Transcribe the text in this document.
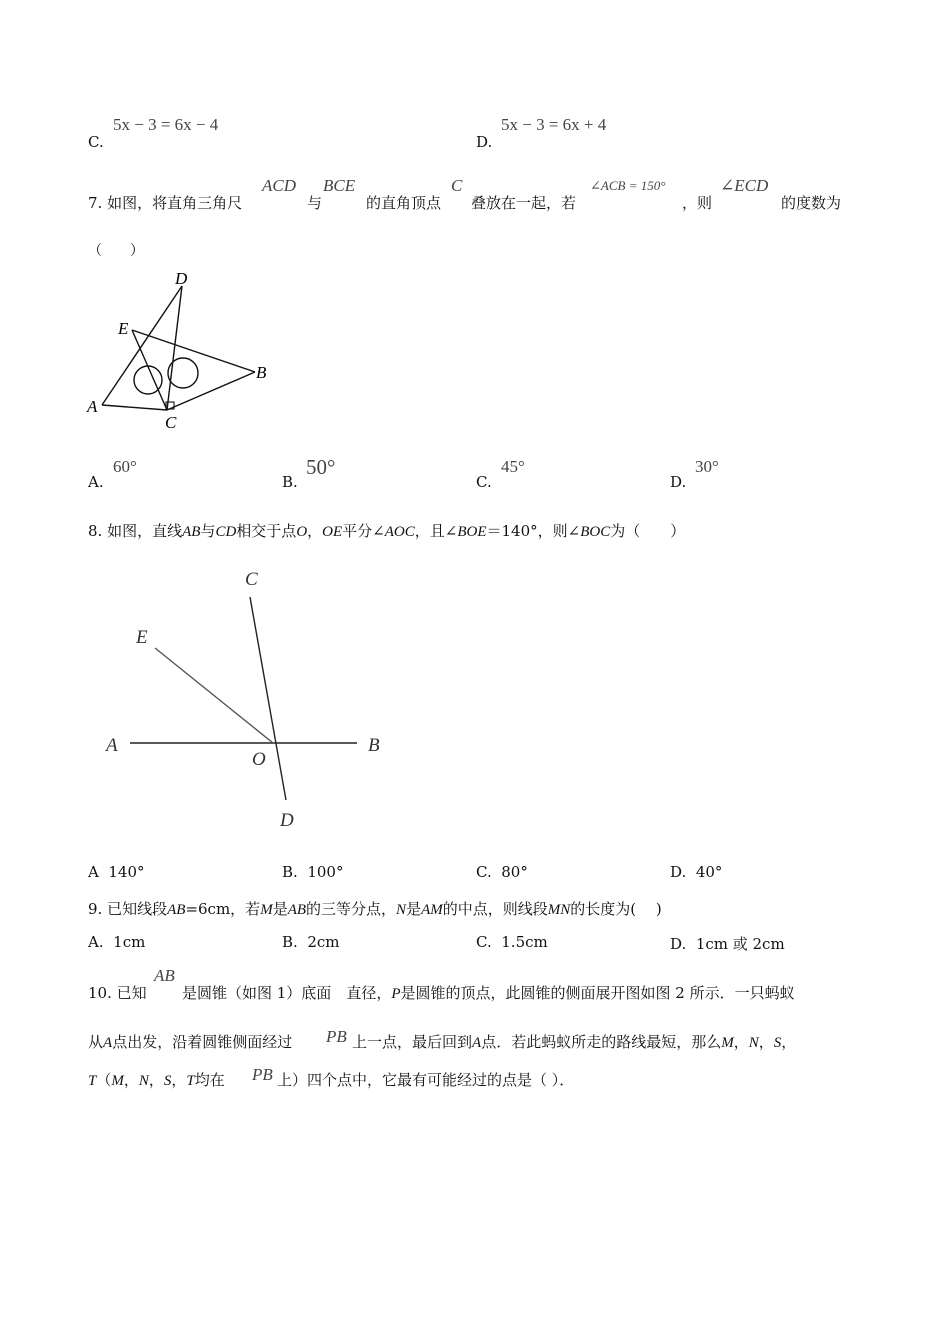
C.
5x − 3 = 6x − 4
D.
5x − 3 = 6x + 4
7. 如图，将直角三角尺
ACD
与
BCE
的直角顶点
C
叠放在一起，若
∠ACB = 150°
，则
∠ECD
的度数为
（　　）
D
E
B
A
C
A.
60°
B.
50°
C.
45°
D.
30°
8. 如图，直线AB与CD相交于点O，OE平分∠AOC，且∠BOE＝140°，则∠BOC为（　　）
C
E
A
O
B
D
A 140°	B. 100°	C. 80°	D. 40°
9. 已知线段AB=6cm，若M是AB的三等分点，N是AM的中点，则线段MN的长度为(　 )
A. 1cm	B. 2cm	C. 1.5cm	D. 1cm 或 2cm
10. 已知
AB
是圆锥（如图 1）底面　直径，P是圆锥的顶点，此圆锥的侧面展开图如图 2 所示．一只蚂蚁
从A点出发，沿着圆锥侧面经过 PB 上一点，最后回到A点．若此蚂蚁所走的路线最短，那么M，N，S，
T（M，N，S，T均在 PB 上）四个点中，它最有可能经过的点是（ ）．
